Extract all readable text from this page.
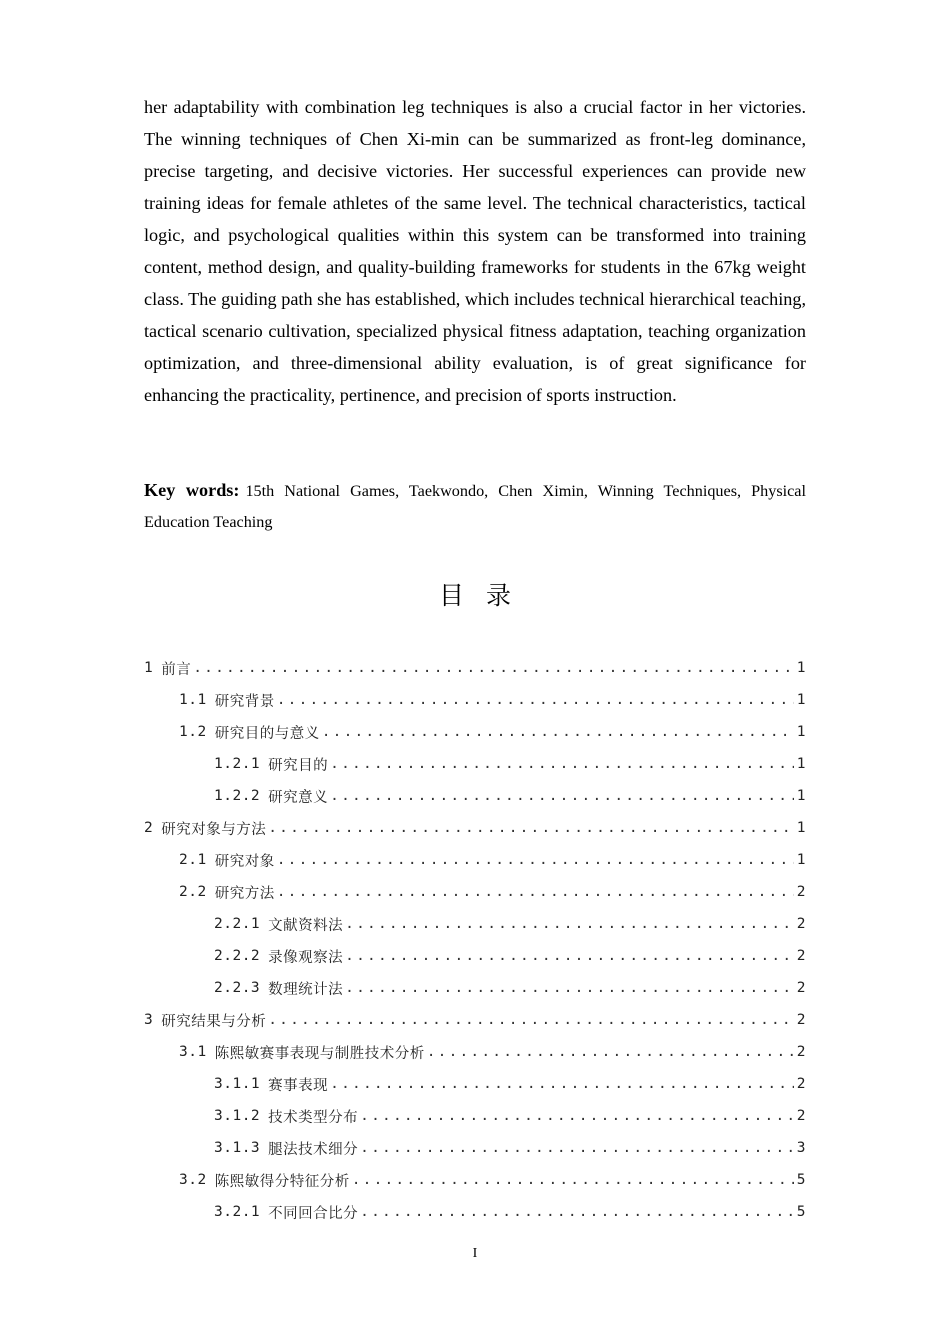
her adaptability with combination leg techniques is also a crucial factor in her victories. The winning techniques of Chen Xi-min can be summarized as front-leg dominance, precise targeting, and decisive victories. Her successful experiences can provide new training ideas for female athletes of the same level. The technical characteristics, tactical logic, and psychological qualities within this system can be transformed into training content, method design, and quality-building frameworks for students in the 67kg weight class. The guiding path she has established, which includes technical hierarchical teaching, tactical scenario cultivation, specialized physical fitness adaptation, teaching organization optimization, and three-dimensional ability evaluation, is of great significance for enhancing the practicality, pertinence, and precision of sports instruction.

Key words: 15th National Games, Taekwondo, Chen Ximin, Winning Techniques, Physical Education Teaching

目录
1 前言 .....	1
1.1 研究背景 .....	1
1.2 研究目的与意义 .....	1
1.2.1 研究目的 .....	1
1.2.2 研究意义 .....	1
2 研究对象与方法 .....	1
2.1 研究对象 .....	1
2.2 研究方法 .....	2
2.2.1 文献资料法 .....	2
2.2.2 录像观察法 .....	2
2.2.3 数理统计法 .....	2
3 研究结果与分析 .....	2
3.1 陈熙敏赛事表现与制胜技术分析 .....	2
3.1.1 赛事表现 .....	2
3.1.2 技术类型分布 .....	2
3.1.3 腿法技术细分 .....	3
3.2 陈熙敏得分特征分析 .....	5
3.2.1 不同回合比分 .....	5
I
